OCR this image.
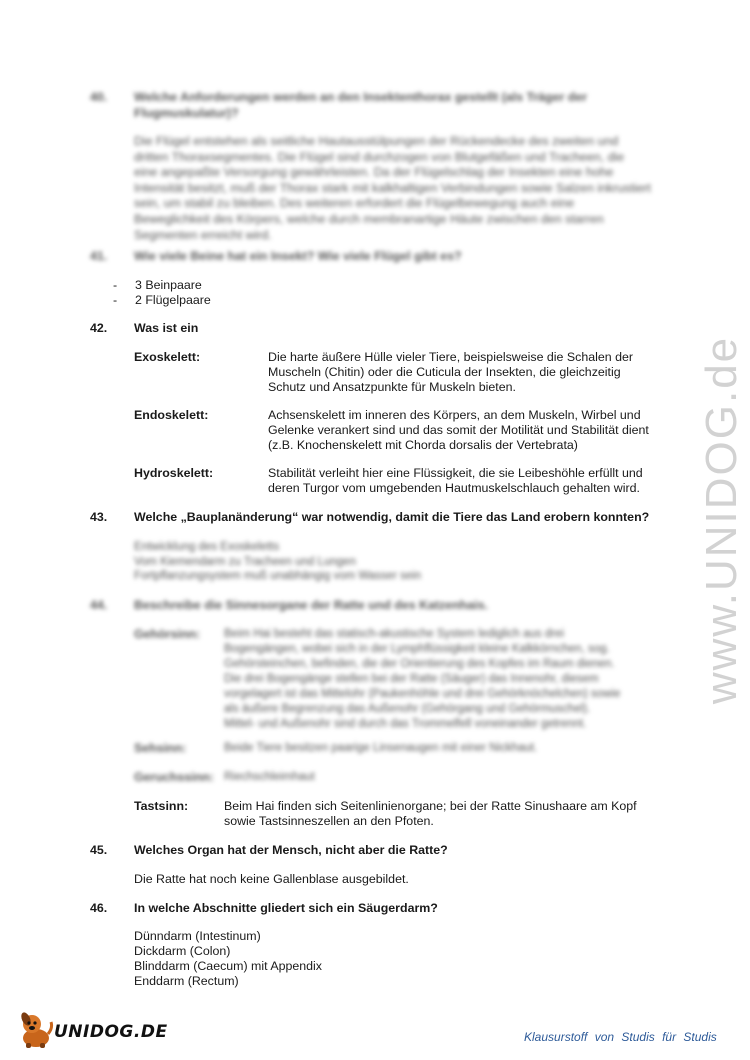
www.UNIDOG.de
40. Welche Anforderungen werden an den Insektenthorax gestellt (als Träger der
Flugmuskulatur)?
Die Flügel entstehen als seitliche Hautausstülpungen der Rückendecke des zweiten und
dritten Thoraxsegmentes. Die Flügel sind durchzogen von Blutgefäßen und Tracheen, die
eine angepaßte Versorgung gewährleisten. Da der Flügelschlag der Insekten eine hohe
Intensität besitzt, muß der Thorax stark mit kalkhaltigen Verbindungen sowie Salzen inkrustiert
sein, um stabil zu bleiben. Des weiteren erfordert die Flügelbewegung auch eine
Beweglichkeit des Körpers, welche durch membranartige Häute zwischen den starren
Segmenten erreicht wird.
41. Wie viele Beine hat ein Insekt? Wie viele Flügel gibt es?
- 3 Beinpaare
- 2 Flügelpaare
42. Was ist ein
Exoskelett:	Die harte äußere Hülle vieler Tiere, beispielsweise die Schalen der
Muscheln (Chitin) oder die Cuticula der Insekten, die gleichzeitig
Schutz und Ansatzpunkte für Muskeln bieten.
Endoskelett:	Achsenskelett im inneren des Körpers, an dem Muskeln, Wirbel und
Gelenke verankert sind und das somit der Motilität und Stabilität dient
(z.B. Knochenskelett mit Chorda dorsalis der Vertebrata)
Hydroskelett:	Stabilität verleiht hier eine Flüssigkeit, die sie Leibeshöhle erfüllt und
deren Turgor vom umgebenden Hautmuskelschlauch gehalten wird.
43. Welche „Bauplanänderung“ war notwendig, damit die Tiere das Land erobern konnten?
Entwicklung des Exoskeletts
Vom Kiemendarm zu Tracheen und Lungen
Fortpflanzungsystem muß unabhängig vom Wasser sein
44. Beschreibe die Sinnesorgane der Ratte und des Katzenhais.
Gehörsinn: Beim Hai besteht das statisch-akustische System lediglich aus drei
Bogengängen, wobei sich in der Lymphflüssigkeit kleine Kalkkörnchen, sog.
Gehörsteinchen, befinden, die der Orientierung des Kopfes im Raum dienen.
Die drei Bogengänge stellen bei der Ratte (Säuger) das Innenohr, diesem
vorgelagert ist das Mittelohr (Paukenhöhle und drei Gehörknöchelchen) sowie
als äußere Begrenzung das Außenohr (Gehörgang und Gehörmuschel).
Mittel- und Außenohr sind durch das Trommelfell voneinander getrennt.
Sehsinn:	Beide Tiere besitzen paarige Linsenaugen mit einer Nickhaut.
Geruchssinn: Riechschleimhaut
Tastsinn:	Beim Hai finden sich Seitenlinienorgane; bei der Ratte Sinushaare am Kopf
sowie Tastsinneszellen an den Pfoten.
45. Welches Organ hat der Mensch, nicht aber die Ratte?
Die Ratte hat noch keine Gallenblase ausgebildet.
46. In welche Abschnitte gliedert sich ein Säugerdarm?
Dünndarm (Intestinum)
Dickdarm (Colon)
Blinddarm (Caecum) mit Appendix
Enddarm (Rectum)
UNIDOG.DE	Klausurstoff von Studis für Studis
